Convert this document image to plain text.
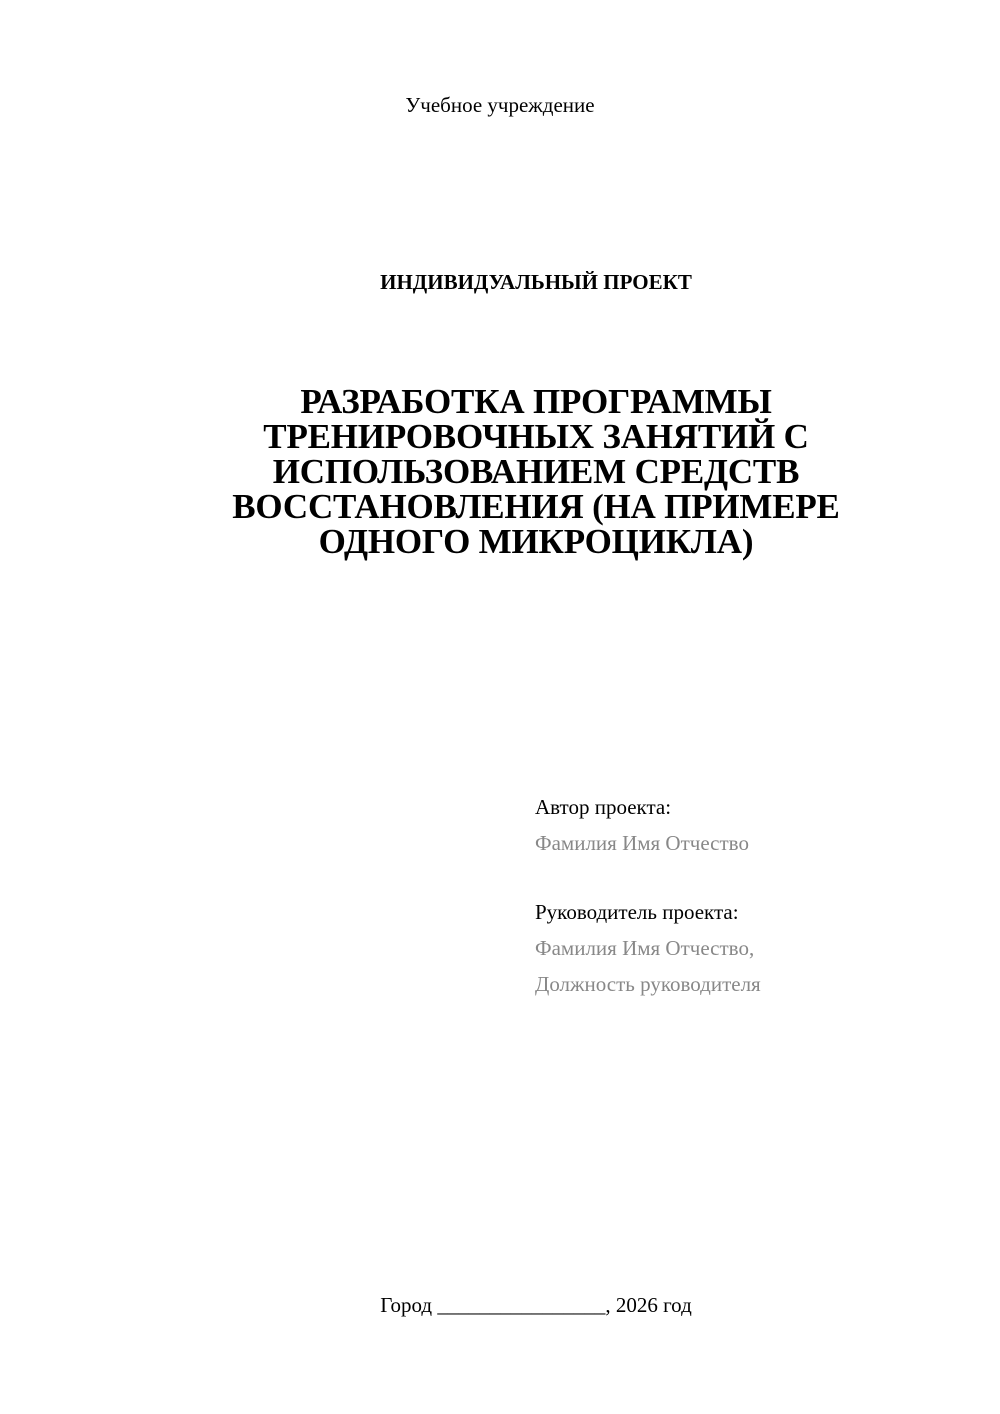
Учебное учреждение
ИНДИВИДУАЛЬНЫЙ ПРОЕКТ
РАЗРАБОТКА ПРОГРАММЫ ТРЕНИРОВОЧНЫХ ЗАНЯТИЙ С ИСПОЛЬЗОВАНИЕМ СРЕДСТВ ВОССТАНОВЛЕНИЯ (НА ПРИМЕРЕ ОДНОГО МИКРОЦИКЛА)
Автор проекта:
Фамилия Имя Отчество
Руководитель проекта:
Фамилия Имя Отчество,
Должность руководителя
Город ________________, 2026 год
